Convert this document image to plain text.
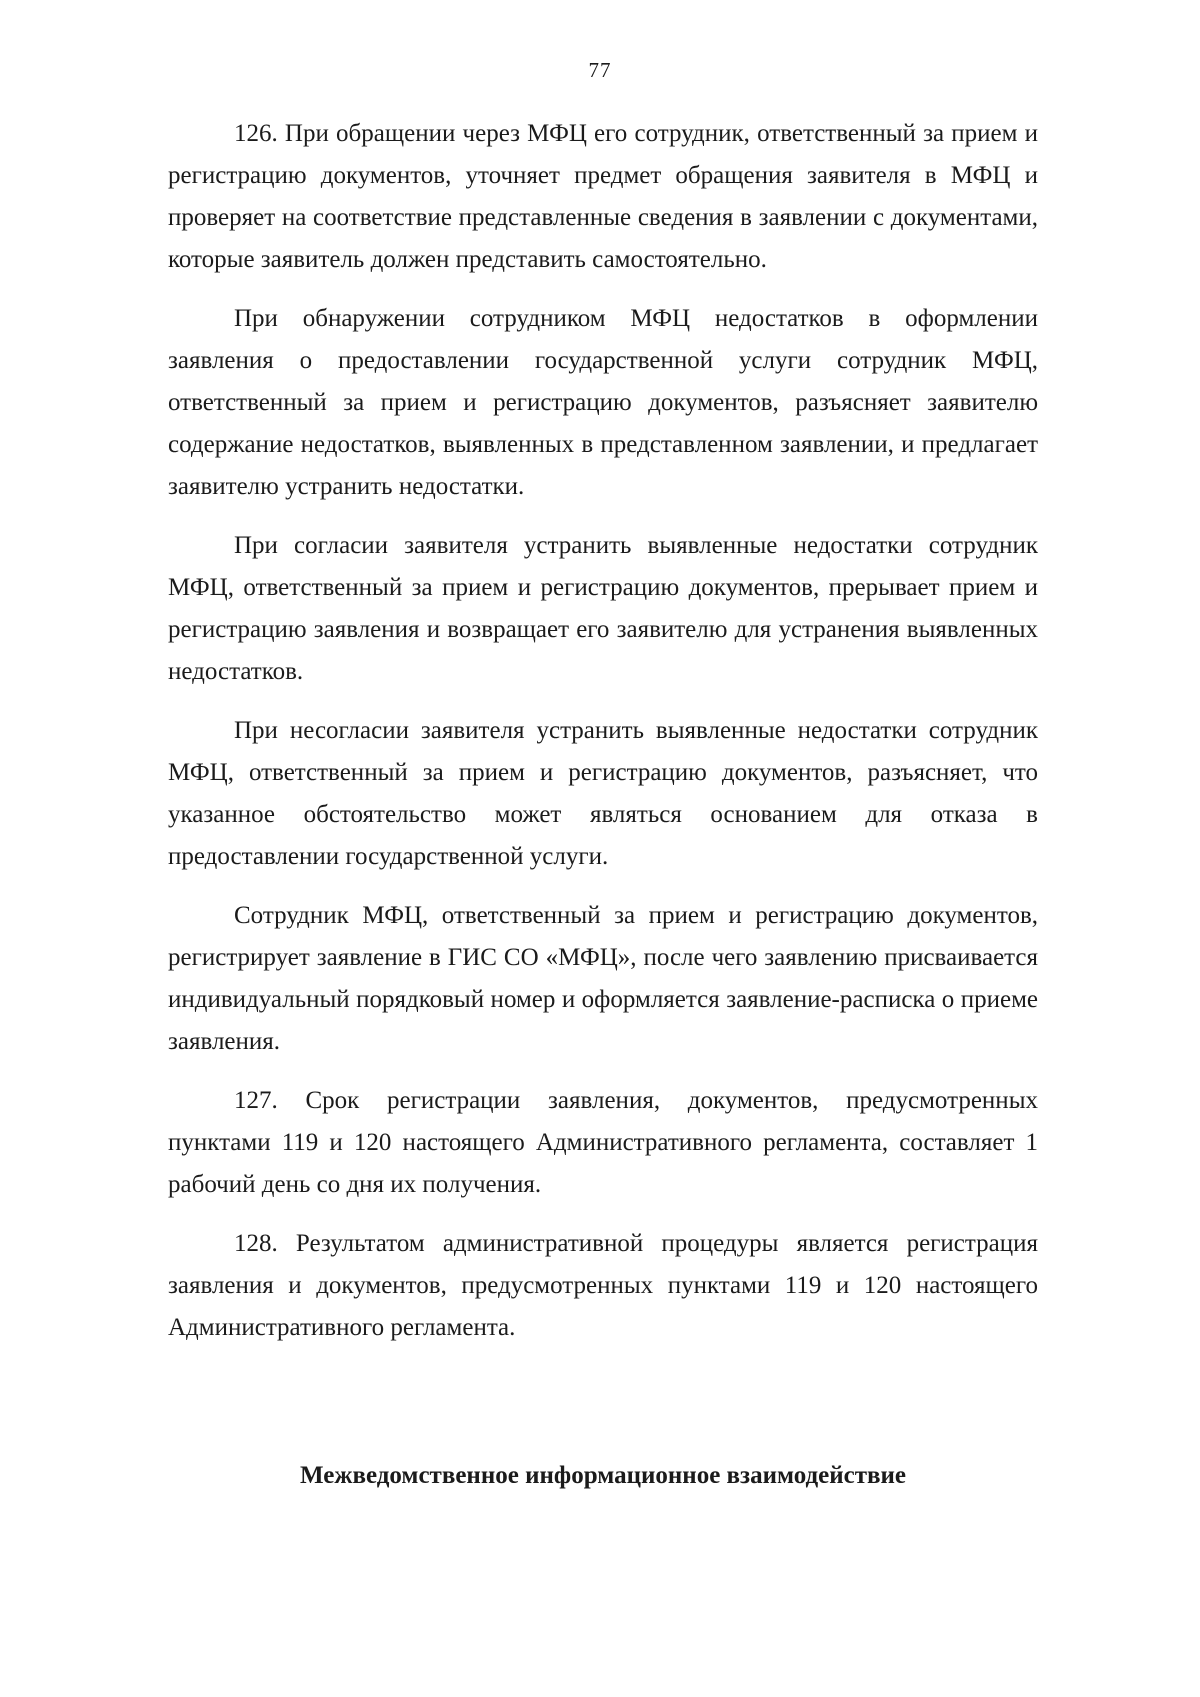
77

126. При обращении через МФЦ его сотрудник, ответственный за прием и регистрацию документов, уточняет предмет обращения заявителя в МФЦ и проверяет на соответствие представленные сведения в заявлении с документами, которые заявитель должен представить самостоятельно.

При обнаружении сотрудником МФЦ недостатков в оформлении заявления о предоставлении государственной услуги сотрудник МФЦ, ответственный за прием и регистрацию документов, разъясняет заявителю содержание недостатков, выявленных в представленном заявлении, и предлагает заявителю устранить недостатки.

При согласии заявителя устранить выявленные недостатки сотрудник МФЦ, ответственный за прием и регистрацию документов, прерывает прием и регистрацию заявления и возвращает его заявителю для устранения выявленных недостатков.

При несогласии заявителя устранить выявленные недостатки сотрудник МФЦ, ответственный за прием и регистрацию документов, разъясняет, что указанное обстоятельство может являться основанием для отказа в предоставлении государственной услуги.

Сотрудник МФЦ, ответственный за прием и регистрацию документов, регистрирует заявление в ГИС СО «МФЦ», после чего заявлению присваивается индивидуальный порядковый номер и оформляется заявление-расписка о приеме заявления.

127. Срок регистрации заявления, документов, предусмотренных пунктами 119 и 120 настоящего Административного регламента, составляет 1 рабочий день со дня их получения.

128. Результатом административной процедуры является регистрация заявления и документов, предусмотренных пунктами 119 и 120 настоящего Административного регламента.

Межведомственное информационное взаимодействие
